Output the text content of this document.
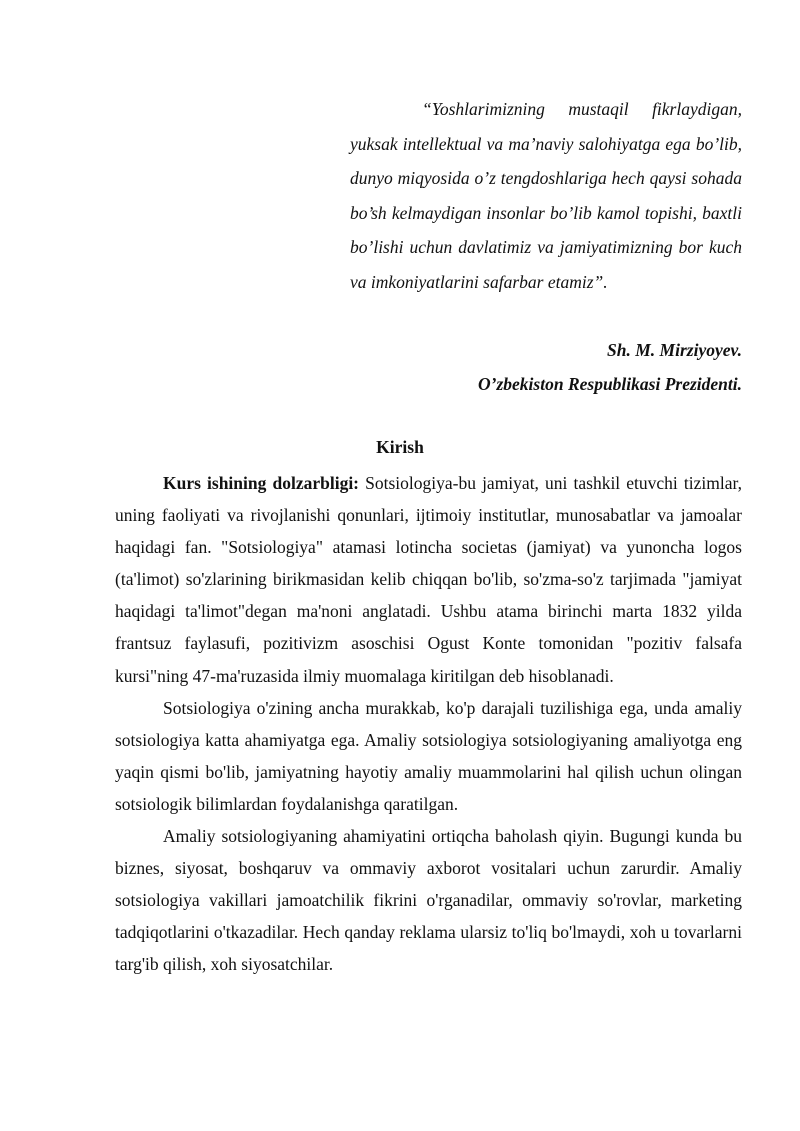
“Yoshlarimizning mustaqil fikrlaydigan, yuksak intellektual va ma’naviy salohiyatga ega bo’lib, dunyo miqyosida o’z tengdoshlariga hech qaysi sohada bo’sh kelmaydigan insonlar bo’lib kamol topishi, baxtli bo’lishi uchun davlatimiz va jamiyatimizning bor kuch va imkoniyatlarini safarbar etamiz”.

Sh. M. Mirziyoyev.

O’zbekiston Respublikasi Prezidenti.

Kirish

Kurs ishining dolzarbligi: Sotsiologiya-bu jamiyat, uni tashkil etuvchi tizimlar, uning faoliyati va rivojlanishi qonunlari, ijtimoiy institutlar, munosabatlar va jamoalar haqidagi fan. "Sotsiologiya" atamasi lotincha societas (jamiyat) va yunoncha logos (ta'limot) so'zlarining birikmasidan kelib chiqqan bo'lib, so'zma-so'z tarjimada "jamiyat haqidagi ta'limot"degan ma'noni anglatadi. Ushbu atama birinchi marta 1832 yilda frantsuz faylasufi, pozitivizm asoschisi Ogust Konte tomonidan "pozitiv falsafa kursi"ning 47-ma'ruzasida ilmiy muomalaga kiritilgan deb hisoblanadi.

Sotsiologiya o'zining ancha murakkab, ko'p darajali tuzilishiga ega, unda amaliy sotsiologiya katta ahamiyatga ega. Amaliy sotsiologiya sotsiologiyaning amaliyotga eng yaqin qismi bo'lib, jamiyatning hayotiy amaliy muammolarini hal qilish uchun olingan sotsiologik bilimlardan foydalanishga qaratilgan.

Amaliy sotsiologiyaning ahamiyatini ortiqcha baholash qiyin. Bugungi kunda bu biznes, siyosat, boshqaruv va ommaviy axborot vositalari uchun zarurdir. Amaliy sotsiologiya vakillari jamoatchilik fikrini o'rganadilar, ommaviy so'rovlar, marketing tadqiqotlarini o'tkazadilar. Hech qanday reklama ularsiz to'liq bo'lmaydi, xoh u tovarlarni targ'ib qilish, xoh siyosatchilar.
